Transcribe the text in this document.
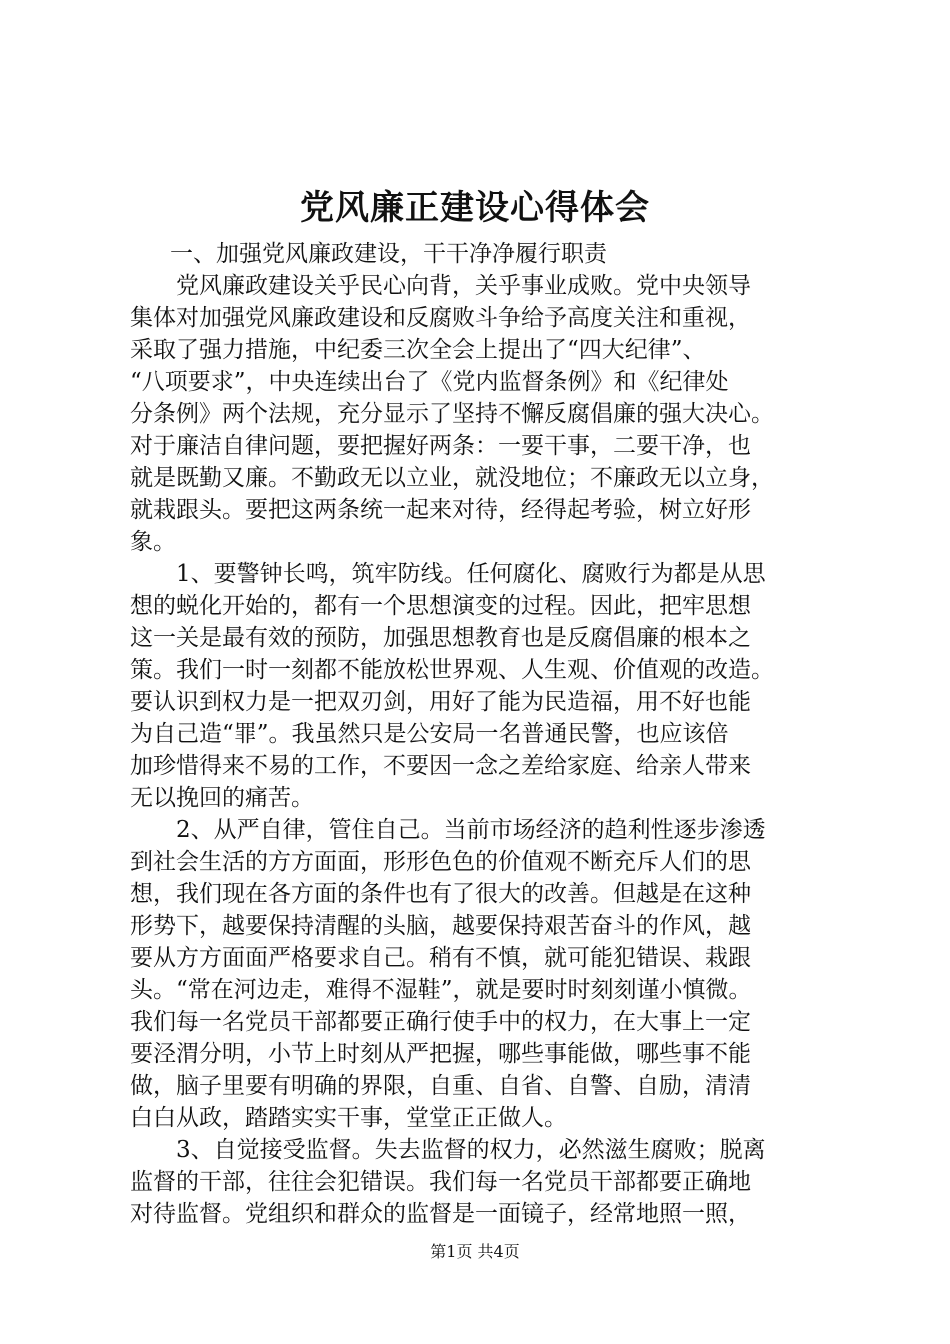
党风廉正建设心得体会
一、加强党风廉政建设，干干净净履行职责
党风廉政建设关乎民心向背，关乎事业成败。党中央领导
集体对加强党风廉政建设和反腐败斗争给予高度关注和重视，
采取了强力措施，中纪委三次全会上提出了“四大纪律”、
“八项要求”，中央连续出台了《党内监督条例》和《纪律处
分条例》两个法规，充分显示了坚持不懈反腐倡廉的强大决心。
对于廉洁自律问题，要把握好两条：一要干事，二要干净，也
就是既勤又廉。不勤政无以立业，就没地位；不廉政无以立身，
就栽跟头。要把这两条统一起来对待，经得起考验，树立好形
象。
1、要警钟长鸣，筑牢防线。任何腐化、腐败行为都是从思
想的蜕化开始的，都有一个思想演变的过程。因此，把牢思想
这一关是最有效的预防，加强思想教育也是反腐倡廉的根本之
策。我们一时一刻都不能放松世界观、人生观、价值观的改造。
要认识到权力是一把双刃剑，用好了能为民造福，用不好也能
为自己造“罪”。我虽然只是公安局一名普通民警，也应该倍
加珍惜得来不易的工作，不要因一念之差给家庭、给亲人带来
无以挽回的痛苦。
2、从严自律，管住自己。当前市场经济的趋利性逐步渗透
到社会生活的方方面面，形形色色的价值观不断充斥人们的思
想，我们现在各方面的条件也有了很大的改善。但越是在这种
形势下，越要保持清醒的头脑，越要保持艰苦奋斗的作风，越
要从方方面面严格要求自己。稍有不慎，就可能犯错误、栽跟
头。“常在河边走，难得不湿鞋”，就是要时时刻刻谨小慎微。
我们每一名党员干部都要正确行使手中的权力，在大事上一定
要泾渭分明，小节上时刻从严把握，哪些事能做，哪些事不能
做，脑子里要有明确的界限，自重、自省、自警、自励，清清
白白从政，踏踏实实干事，堂堂正正做人。
3、自觉接受监督。失去监督的权力，必然滋生腐败；脱离
监督的干部，往往会犯错误。我们每一名党员干部都要正确地
对待监督。党组织和群众的监督是一面镜子，经常地照一照，
第1页 共4页
